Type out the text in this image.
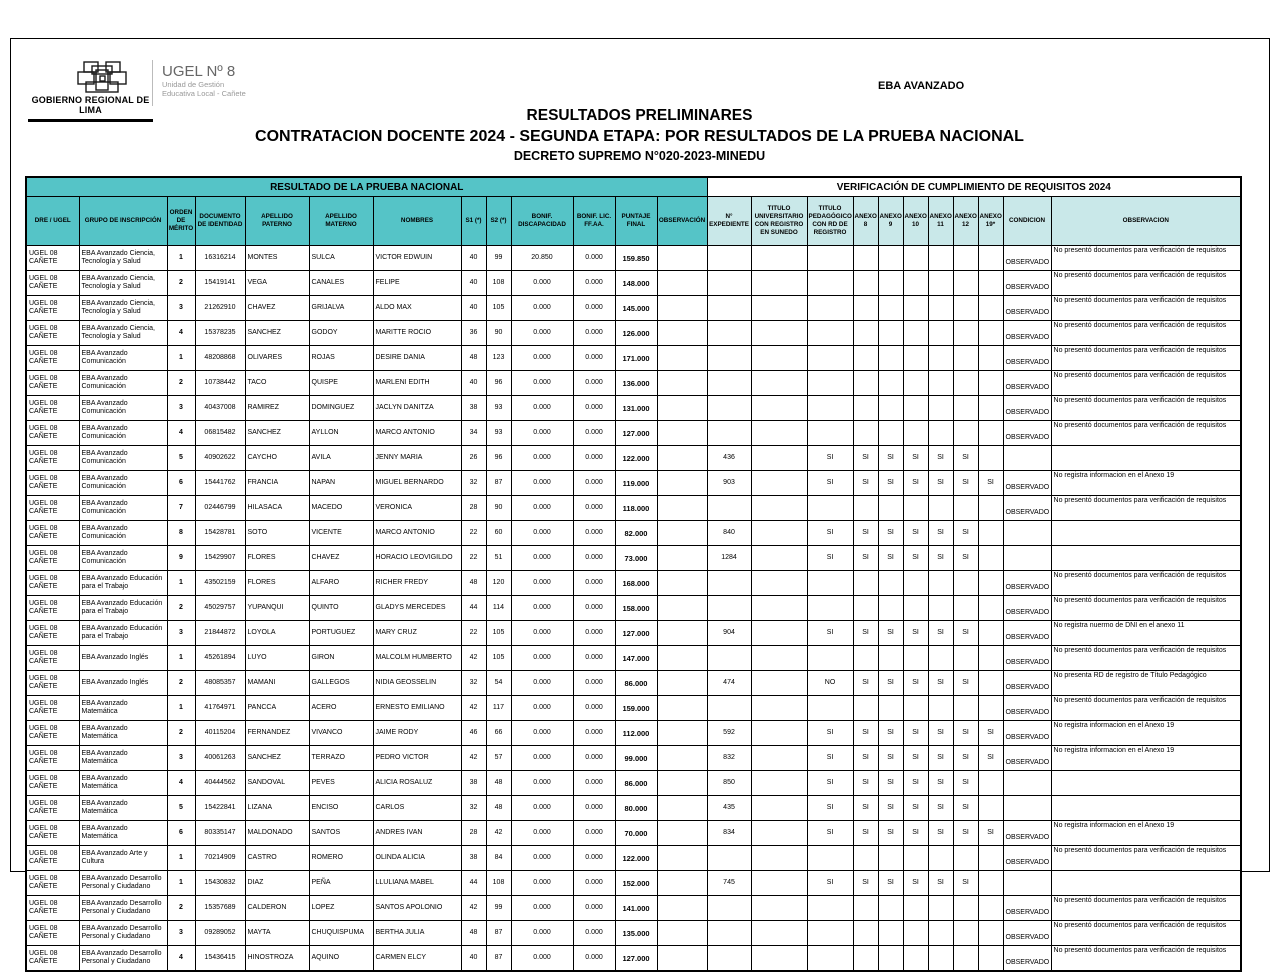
GOBIERNO REGIONAL DE LIMA
UGEL Nº 8
Unidad de Gestión
Educativa Local - Cañete
EBA AVANZADO
RESULTADOS PRELIMINARES
CONTRATACION DOCENTE 2024 - SEGUNDA ETAPA: POR RESULTADOS DE LA PRUEBA NACIONAL
DECRETO SUPREMO N°020-2023-MINEDU
RESULTADO DE LA PRUEBA NACIONAL													VERIFICACIÓN DE CUMPLIMIENTO DE REQUISITOS 2024										
DRE / UGEL	GRUPO DE INSCRIPCIÓN	ORDEN DE MÉRITO	DOCUMENTO DE IDENTIDAD	APELLIDO PATERNO	APELLIDO MATERNO	NOMBRES	S1 (*)	S2 (*)	BONIF. DISCAPACIDAD	BONIF. LIC. FF.AA.	PUNTAJE FINAL	OBSERVACIÓN	N° EXPEDIENTE	TITULO UNIVERSITARIO CON REGISTRO EN SUNEDO	TITULO PEDAGÓGICO CON RD DE REGISTRO	ANEXO 8	ANEXO 9	ANEXO 10	ANEXO 11	ANEXO 12	ANEXO 19*	CONDICION	OBSERVACION
UGEL 08 CAÑETE	EBA Avanzado Ciencia, Tecnología y Salud	1	16316214	MONTES	SULCA	VICTOR EDWUIN	40	99	20.850	0.000	159.850											OBSERVADO	No presentó documentos para verificación de requisitos
UGEL 08 CAÑETE	EBA Avanzado Ciencia, Tecnología y Salud	2	15419141	VEGA	CANALES	FELIPE	40	108	0.000	0.000	148.000											OBSERVADO	No presentó documentos para verificación de requisitos
UGEL 08 CAÑETE	EBA Avanzado Ciencia, Tecnología y Salud	3	21262910	CHAVEZ	GRIJALVA	ALDO MAX	40	105	0.000	0.000	145.000											OBSERVADO	No presentó documentos para verificación de requisitos
UGEL 08 CAÑETE	EBA Avanzado Ciencia, Tecnología y Salud	4	15378235	SANCHEZ	GODOY	MARITTE ROCIO	36	90	0.000	0.000	126.000											OBSERVADO	No presentó documentos para verificación de requisitos
UGEL 08 CAÑETE	EBA Avanzado Comunicación	1	48208868	OLIVARES	ROJAS	DESIRE DANIA	48	123	0.000	0.000	171.000											OBSERVADO	No presentó documentos para verificación de requisitos
UGEL 08 CAÑETE	EBA Avanzado Comunicación	2	10738442	TACO	QUISPE	MARLENI EDITH	40	96	0.000	0.000	136.000											OBSERVADO	No presentó documentos para verificación de requisitos
UGEL 08 CAÑETE	EBA Avanzado Comunicación	3	40437008	RAMIREZ	DOMINGUEZ	JACLYN DANITZA	38	93	0.000	0.000	131.000											OBSERVADO	No presentó documentos para verificación de requisitos
UGEL 08 CAÑETE	EBA Avanzado Comunicación	4	06815482	SANCHEZ	AYLLON	MARCO ANTONIO	34	93	0.000	0.000	127.000											OBSERVADO	No presentó documentos para verificación de requisitos
UGEL 08 CAÑETE	EBA Avanzado Comunicación	5	40902622	CAYCHO	AVILA	JENNY MARIA	26	96	0.000	0.000	122.000		436		SI	SI	SI	SI	SI	SI			
UGEL 08 CAÑETE	EBA Avanzado Comunicación	6	15441762	FRANCIA	NAPAN	MIGUEL BERNARDO	32	87	0.000	0.000	119.000		903		SI	SI	SI	SI	SI	SI	SI	OBSERVADO	No registra informacion en el Anexo 19
UGEL 08 CAÑETE	EBA Avanzado Comunicación	7	02446799	HILASACA	MACEDO	VERONICA	28	90	0.000	0.000	118.000											OBSERVADO	No presentó documentos para verificación de requisitos
UGEL 08 CAÑETE	EBA Avanzado Comunicación	8	15428781	SOTO	VICENTE	MARCO ANTONIO	22	60	0.000	0.000	82.000		840		SI	SI	SI	SI	SI	SI			
UGEL 08 CAÑETE	EBA Avanzado Comunicación	9	15429907	FLORES	CHAVEZ	HORACIO LEOVIGILDO	22	51	0.000	0.000	73.000		1284		SI	SI	SI	SI	SI	SI			
UGEL 08 CAÑETE	EBA Avanzado Educación para el Trabajo	1	43502159	FLORES	ALFARO	RICHER FREDY	48	120	0.000	0.000	168.000											OBSERVADO	No presentó documentos para verificación de requisitos
UGEL 08 CAÑETE	EBA Avanzado Educación para el Trabajo	2	45029757	YUPANQUI	QUINTO	GLADYS MERCEDES	44	114	0.000	0.000	158.000											OBSERVADO	No presentó documentos para verificación de requisitos
UGEL 08 CAÑETE	EBA Avanzado Educación para el Trabajo	3	21844872	LOYOLA	PORTUGUEZ	MARY CRUZ	22	105	0.000	0.000	127.000		904		SI	SI	SI	SI	SI	SI		OBSERVADO	No registra nuermo de DNI en el anexo 11
UGEL 08 CAÑETE	EBA Avanzado Inglés	1	45261894	LUYO	GIRON	MALCOLM HUMBERTO	42	105	0.000	0.000	147.000											OBSERVADO	No presentó documentos para verificación de requisitos
UGEL 08 CAÑETE	EBA Avanzado Inglés	2	48085357	MAMANI	GALLEGOS	NIDIA GEOSSELIN	32	54	0.000	0.000	86.000		474		NO	SI	SI	SI	SI	SI		OBSERVADO	No presenta RD de registro de Título Pedagógico
UGEL 08 CAÑETE	EBA Avanzado Matemática	1	41764971	PANCCA	ACERO	ERNESTO EMILIANO	42	117	0.000	0.000	159.000											OBSERVADO	No presentó documentos para verificación de requisitos
UGEL 08 CAÑETE	EBA Avanzado Matemática	2	40115204	FERNANDEZ	VIVANCO	JAIME RODY	46	66	0.000	0.000	112.000		592		SI	SI	SI	SI	SI	SI	SI	OBSERVADO	No registra informacion en el Anexo 19
UGEL 08 CAÑETE	EBA Avanzado Matemática	3	40061263	SANCHEZ	TERRAZO	PEDRO VICTOR	42	57	0.000	0.000	99.000		832		SI	SI	SI	SI	SI	SI	SI	OBSERVADO	No registra informacion en el Anexo 19
UGEL 08 CAÑETE	EBA Avanzado Matemática	4	40444562	SANDOVAL	PEVES	ALICIA ROSALUZ	38	48	0.000	0.000	86.000		850		SI	SI	SI	SI	SI	SI			
UGEL 08 CAÑETE	EBA Avanzado Matemática	5	15422841	LIZANA	ENCISO	CARLOS	32	48	0.000	0.000	80.000		435		SI	SI	SI	SI	SI	SI			
UGEL 08 CAÑETE	EBA Avanzado Matemática	6	80335147	MALDONADO	SANTOS	ANDRES IVAN	28	42	0.000	0.000	70.000		834		SI	SI	SI	SI	SI	SI	SI	OBSERVADO	No registra informacion en el Anexo 19
UGEL 08 CAÑETE	EBA Avanzado Arte y Cultura	1	70214909	CASTRO	ROMERO	OLINDA ALICIA	38	84	0.000	0.000	122.000											OBSERVADO	No presentó documentos para verificación de requisitos
UGEL 08 CAÑETE	EBA Avanzado Desarrollo Personal y Ciudadano	1	15430832	DIAZ	PEÑA	LLULIANA MABEL	44	108	0.000	0.000	152.000		745		SI	SI	SI	SI	SI	SI			
UGEL 08 CAÑETE	EBA Avanzado Desarrollo Personal y Ciudadano	2	15357689	CALDERON	LOPEZ	SANTOS APOLONIO	42	99	0.000	0.000	141.000											OBSERVADO	No presentó documentos para verificación de requisitos
UGEL 08 CAÑETE	EBA Avanzado Desarrollo Personal y Ciudadano	3	09289052	MAYTA	CHUQUISPUMA	BERTHA JULIA	48	87	0.000	0.000	135.000											OBSERVADO	No presentó documentos para verificación de requisitos
UGEL 08 CAÑETE	EBA Avanzado Desarrollo Personal y Ciudadano	4	15436415	HINOSTROZA	AQUINO	CARMEN ELCY	40	87	0.000	0.000	127.000											OBSERVADO	No presentó documentos para verificación de requisitos
